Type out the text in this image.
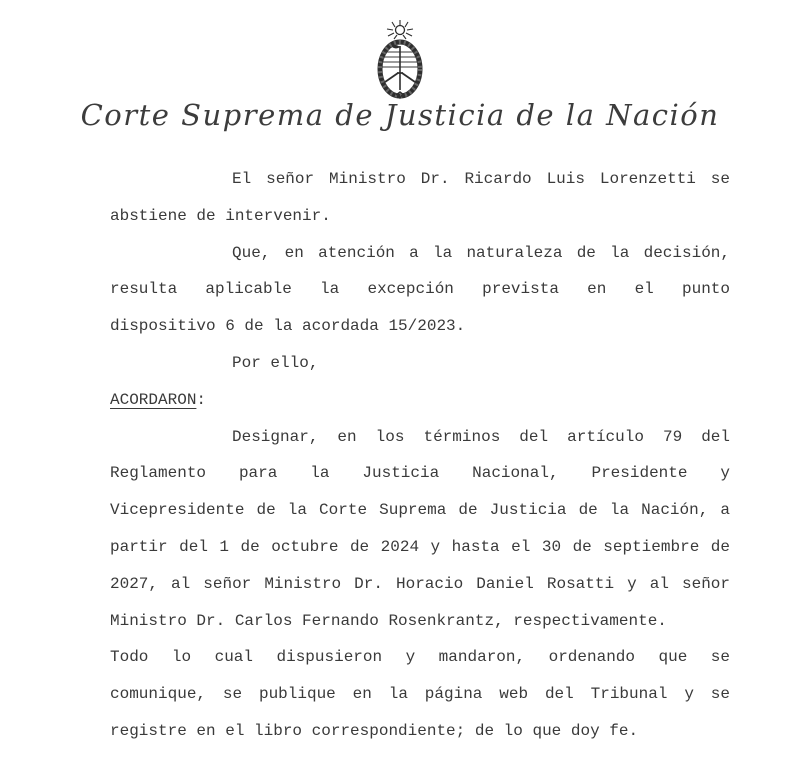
Corte Suprema de Justicia de la Nación
El señor Ministro Dr. Ricardo Luis Lorenzetti se
abstiene de intervenir.
Que, en atención a la naturaleza de la decisión,
resulta aplicable la excepción prevista en el punto
dispositivo 6 de la acordada 15/2023.
Por ello,
ACORDARON:
Designar, en los términos del artículo 79 del
Reglamento para la Justicia Nacional, Presidente y
Vicepresidente de la Corte Suprema de Justicia de la Nación, a
partir del 1 de octubre de 2024 y hasta el 30 de septiembre de
2027, al señor Ministro Dr. Horacio Daniel Rosatti y al señor
Ministro Dr. Carlos Fernando Rosenkrantz, respectivamente.
Todo lo cual dispusieron y mandaron, ordenando que se
comunique, se publique en la página web del Tribunal y se
registre en el libro correspondiente; de lo que doy fe.
